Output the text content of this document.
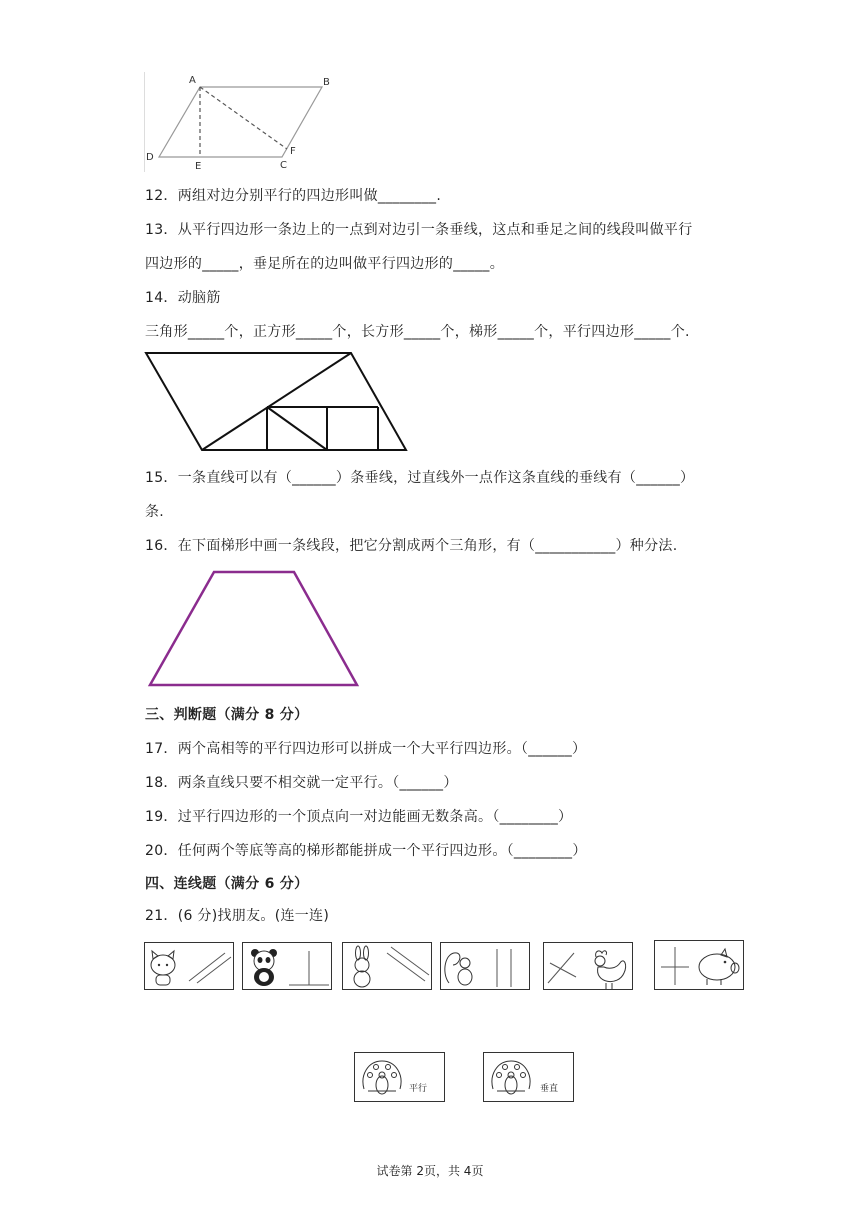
A	B
C
D
E
F
12．两组对边分别平行的四边形叫做________.
13．从平行四边形一条边上的一点到对边引一条垂线，这点和垂足之间的线段叫做平行
四边形的_____，垂足所在的边叫做平行四边形的_____。
14．动脑筋
三角形_____个，正方形_____个，长方形_____个，梯形_____个，平行四边形_____个.
15．一条直线可以有（______）条垂线，过直线外一点作这条直线的垂线有（______）
条.
16．在下面梯形中画一条线段，把它分割成两个三角形，有（___________）种分法.
三、判断题（满分 8 分）
17．两个高相等的平行四边形可以拼成一个大平行四边形。（______）
18．两条直线只要不相交就一定平行。（______）
19．过平行四边形的一个顶点向一对边能画无数条高。（________）
20．任何两个等底等高的梯形都能拼成一个平行四边形。（________）
四、连线题（满分 6 分）
21．(6 分)找朋友。(连一连)
平行	垂直
试卷第 2页，共 4页
